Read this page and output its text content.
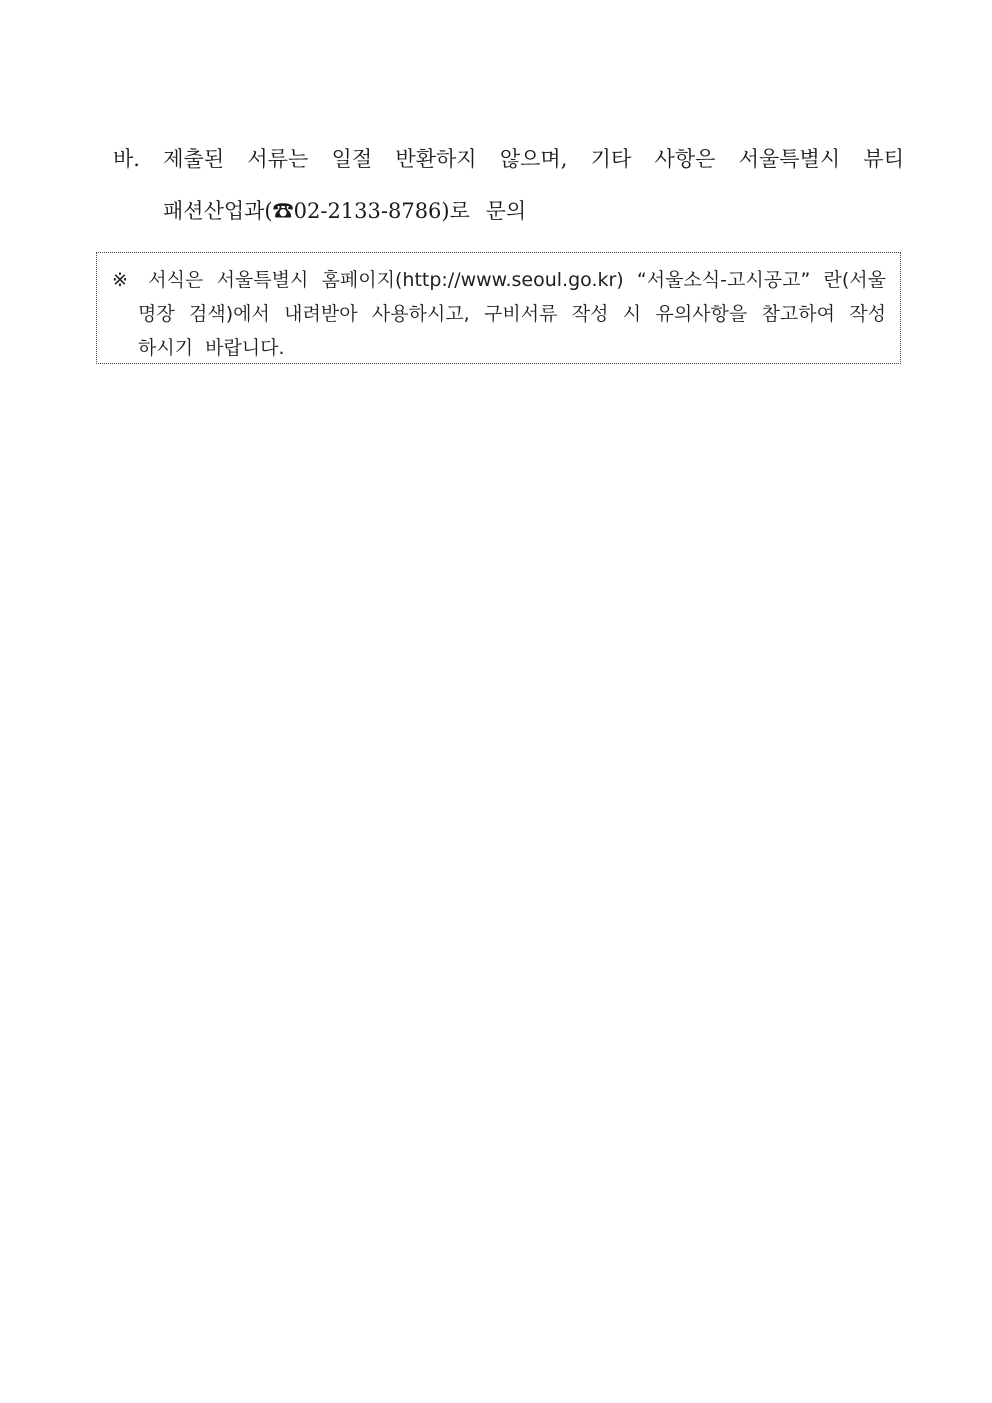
바. 제출된 서류는 일절 반환하지 않으며, 기타 사항은 서울특별시 뷰티
패션산업과(☎02-2133-8786)로 문의
※ 서식은 서울특별시 홈페이지(http://www.seoul.go.kr) “서울소식-고시공고” 란(서울
명장 검색)에서 내려받아 사용하시고, 구비서류 작성 시 유의사항을 참고하여 작성
하시기 바랍니다.
